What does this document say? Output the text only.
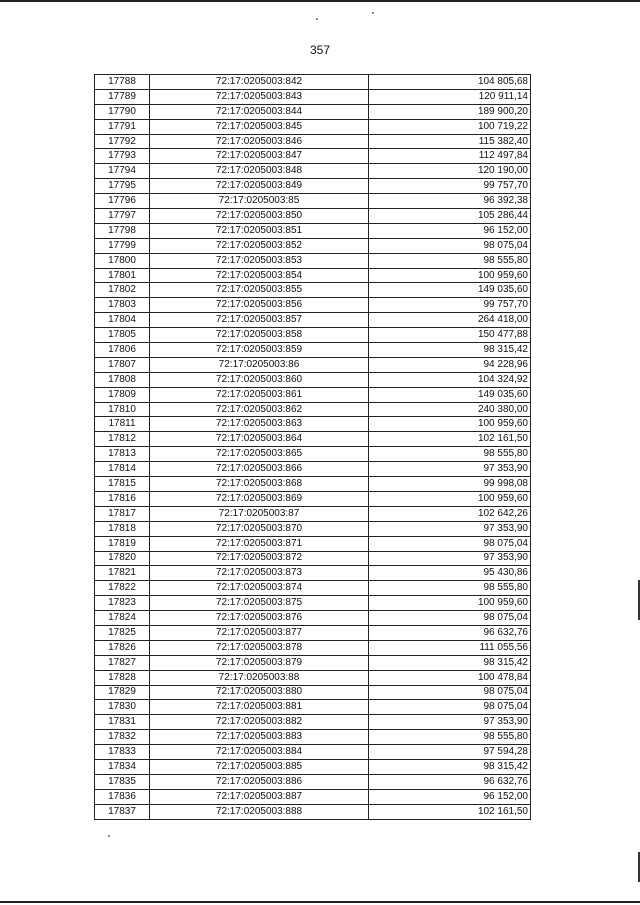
357
17788	72:17:0205003:842	104 805,68
17789	72:17:0205003:843	120 911,14
17790	72:17:0205003:844	189 900,20
17791	72:17:0205003:845	100 719,22
17792	72:17:0205003:846	115 382,40
17793	72:17:0205003:847	112 497,84
17794	72:17:0205003:848	120 190,00
17795	72:17:0205003:849	99 757,70
17796	72:17:0205003:85	96 392,38
17797	72:17:0205003:850	105 286,44
17798	72:17:0205003:851	96 152,00
17799	72:17:0205003:852	98 075,04
17800	72:17:0205003:853	98 555,80
17801	72:17:0205003:854	100 959,60
17802	72:17:0205003:855	149 035,60
17803	72:17:0205003:856	99 757,70
17804	72:17:0205003:857	264 418,00
17805	72:17:0205003:858	150 477,88
17806	72:17:0205003:859	98 315,42
17807	72:17:0205003:86	94 228,96
17808	72:17:0205003:860	104 324,92
17809	72:17:0205003:861	149 035,60
17810	72:17:0205003:862	240 380,00
17811	72:17:0205003:863	100 959,60
17812	72:17:0205003:864	102 161,50
17813	72:17:0205003:865	98 555,80
17814	72:17:0205003:866	97 353,90
17815	72:17:0205003:868	99 998,08
17816	72:17:0205003:869	100 959,60
17817	72:17:0205003:87	102 642,26
17818	72:17:0205003:870	97 353,90
17819	72:17:0205003:871	98 075,04
17820	72:17:0205003:872	97 353,90
17821	72:17:0205003:873	95 430,86
17822	72:17:0205003:874	98 555,80
17823	72:17:0205003:875	100 959,60
17824	72:17:0205003:876	98 075,04
17825	72:17:0205003:877	96 632,76
17826	72:17:0205003:878	111 055,56
17827	72:17:0205003:879	98 315,42
17828	72:17:0205003:88	100 478,84
17829	72:17:0205003:880	98 075,04
17830	72:17:0205003:881	98 075,04
17831	72:17:0205003:882	97 353,90
17832	72:17:0205003:883	98 555,80
17833	72:17:0205003:884	97 594,28
17834	72:17:0205003:885	98 315,42
17835	72:17:0205003:886	96 632,76
17836	72:17:0205003:887	96 152,00
17837	72:17:0205003:888	102 161,50
